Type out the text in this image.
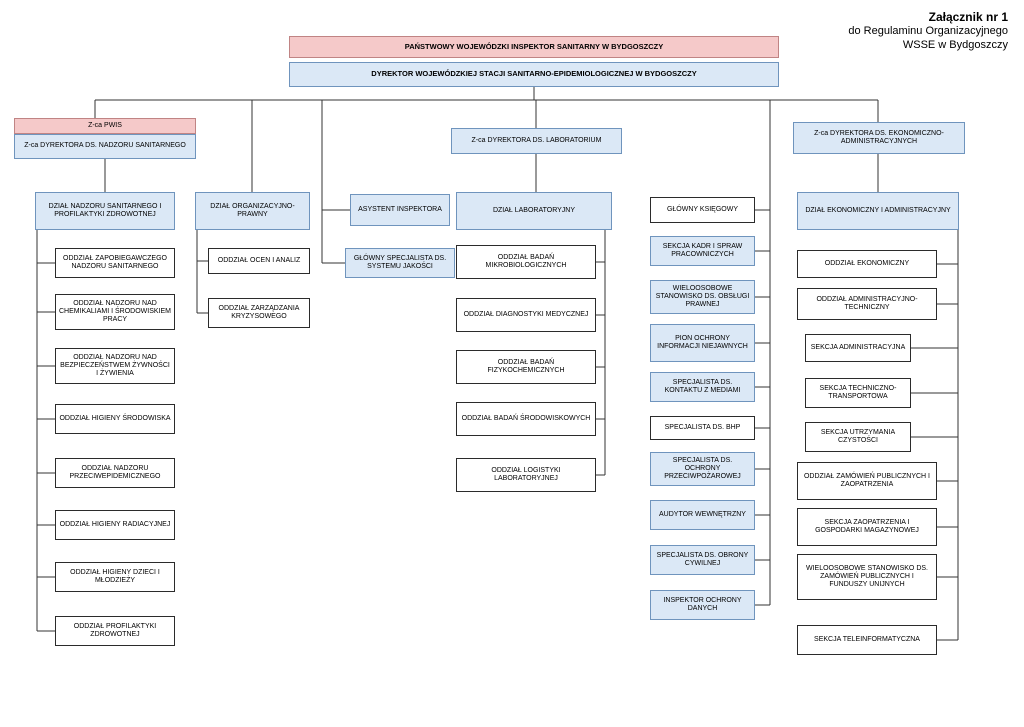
Załącznik nr 1
do Regulaminu Organizacyjnego
WSSE w Bydgoszczy
PAŃSTWOWY WOJEWÓDZKI INSPEKTOR SANITARNY W BYDGOSZCZY
DYREKTOR WOJEWÓDZKIEJ STACJI SANITARNO-EPIDEMIOLOGICZNEJ W BYDGOSZCZY
Z-ca PWIS
Z-ca DYREKTORA DS. NADZORU SANITARNEGO
DZIAŁ NADZORU SANITARNEGO I PROFILAKTYKI ZDROWOTNEJ
ODDZIAŁ ZAPOBIEGAWCZEGO NADZORU SANITARNEGO
ODDZIAŁ NADZORU NAD CHEMIKALIAMI I ŚRODOWISKIEM PRACY
ODDZIAŁ NADZORU NAD BEZPIECZEŃSTWEM ŻYWNOŚCI I ŻYWIENIA
ODDZIAŁ HIGIENY ŚRODOWISKA
ODDZIAŁ NADZORU PRZECIWEPIDEMICZNEGO
ODDZIAŁ HIGIENY RADIACYJNEJ
ODDZIAŁ HIGIENY DZIECI I MŁODZIEŻY
ODDZIAŁ PROFILAKTYKI ZDROWOTNEJ
DZIAŁ ORGANIZACYJNO-PRAWNY
ODDZIAŁ OCEN I ANALIZ
ODDZIAŁ ZARZĄDZANIA KRYZYSOWEGO
ASYSTENT INSPEKTORA
GŁÓWNY SPECJALISTA DS. SYSTEMU JAKOŚCI
Z-ca DYREKTORA DS. LABORATORIUM
DZIAŁ LABORATORYJNY
ODDZIAŁ BADAŃ MIKROBIOLOGICZNYCH
ODDZIAŁ DIAGNOSTYKI MEDYCZNEJ
ODDZIAŁ BADAŃ FIZYKOCHEMICZNYCH
ODDZIAŁ BADAŃ ŚRODOWISKOWYCH
ODDZIAŁ LOGISTYKI LABORATORYJNEJ
GŁÓWNY KSIĘGOWY
SEKCJA KADR I SPRAW PRACOWNICZYCH
WIELOOSOBOWE STANOWISKO DS. OBSŁUGI PRAWNEJ
PION OCHRONY INFORMACJI NIEJAWNYCH
SPECJALISTA DS. KONTAKTU Z MEDIAMI
SPECJALISTA DS. BHP
SPECJALISTA DS. OCHRONY PRZECIWPOŻAROWEJ
AUDYTOR WEWNĘTRZNY
SPECJALISTA DS. OBRONY CYWILNEJ
INSPEKTOR OCHRONY DANYCH
Z-ca DYREKTORA DS. EKONOMICZNO-ADMINISTRACYJNYCH
DZIAŁ EKONOMICZNY I ADMINISTRACYJNY
ODDZIAŁ EKONOMICZNY
ODDZIAŁ ADMINISTRACYJNO-TECHNICZNY
SEKCJA ADMINISTRACYJNA
SEKCJA TECHNICZNO-TRANSPORTOWA
SEKCJA UTRZYMANIA CZYSTOŚCI
ODDZIAŁ ZAMÓWIEŃ PUBLICZNYCH I ZAOPATRZENIA
SEKCJA ZAOPATRZENIA I GOSPODARKI MAGAZYNOWEJ
WIELOOSOBOWE STANOWISKO DS. ZAMÓWIEŃ PUBLICZNYCH I FUNDUSZY UNIJNYCH
SEKCJA TELEINFORMATYCZNA
